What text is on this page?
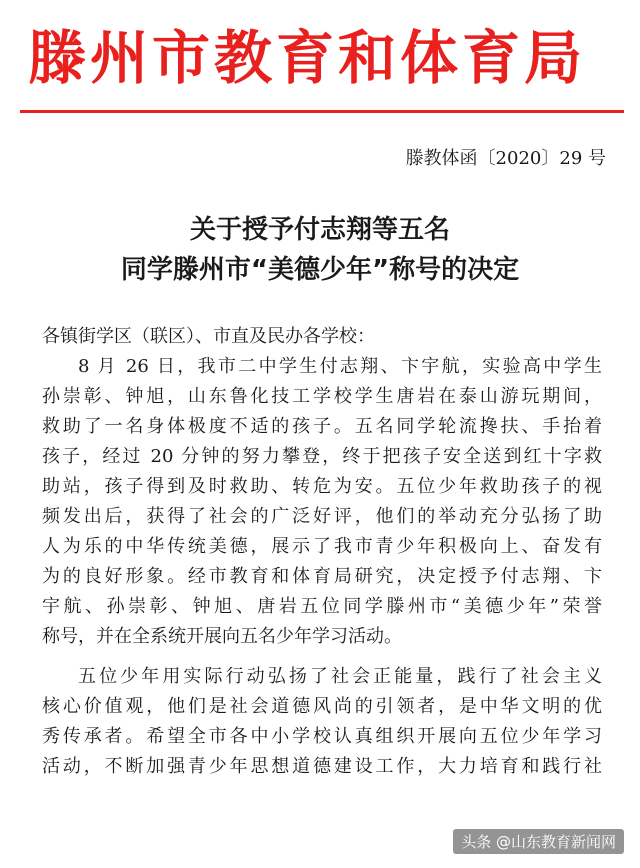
滕州市教育和体育局
滕教体函〔2020〕29 号
关于授予付志翔等五名
同学滕州市“美德少年”称号的决定
各镇街学区（联区）、市直及民办各学校：
8 月 26 日，我市二中学生付志翔、卞宇航，实验高中学生
孙崇彰、钟旭，山东鲁化技工学校学生唐岩在泰山游玩期间，
救助了一名身体极度不适的孩子。五名同学轮流搀扶、手抬着
孩子，经过 20 分钟的努力攀登，终于把孩子安全送到红十字救
助站，孩子得到及时救助、转危为安。五位少年救助孩子的视
频发出后，获得了社会的广泛好评，他们的举动充分弘扬了助
人为乐的中华传统美德，展示了我市青少年积极向上、奋发有
为的良好形象。经市教育和体育局研究，决定授予付志翔、卞
宇航、孙崇彰、钟旭、唐岩五位同学滕州市“美德少年”荣誉
称号，并在全系统开展向五名少年学习活动。
五位少年用实际行动弘扬了社会正能量，践行了社会主义
核心价值观，他们是社会道德风尚的引领者，是中华文明的优
秀传承者。希望全市各中小学校认真组织开展向五位少年学习
活动，不断加强青少年思想道德建设工作，大力培育和践行社
头条 @山东教育新闻网
